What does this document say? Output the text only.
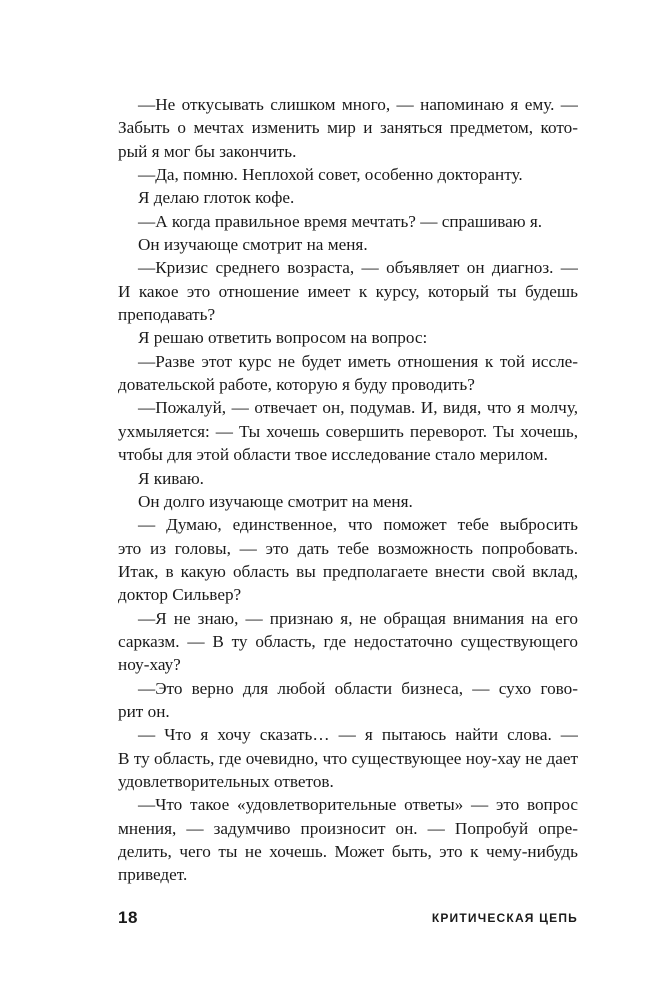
—Не откусывать слишком много, — напоминаю я ему. —
Забыть о мечтах изменить мир и заняться предметом, кото-
рый я мог бы закончить.
—Да, помню. Неплохой совет, особенно докторанту.
Я делаю глоток кофе.
—А когда правильное время мечтать? — спрашиваю я.
Он изучающе смотрит на меня.
—Кризис среднего возраста, — объявляет он диагноз. —
И какое это отношение имеет к курсу, который ты будешь
преподавать?
Я решаю ответить вопросом на вопрос:
—Разве этот курс не будет иметь отношения к той иссле-
довательской работе, которую я буду проводить?
—Пожалуй, — отвечает он, подумав. И, видя, что я молчу,
ухмыляется: — Ты хочешь совершить переворот. Ты хочешь,
чтобы для этой области твое исследование стало мерилом.
Я киваю.
Он долго изучающе смотрит на меня.
— Думаю, единственное, что поможет тебе выбросить
это из головы, — это дать тебе возможность попробовать.
Итак, в какую область вы предполагаете внести свой вклад,
доктор Сильвер?
—Я не знаю, — признаю я, не обращая внимания на его
сарказм. — В ту область, где недостаточно существующего
ноу-хау?
—Это верно для любой области бизнеса, — сухо гово-
рит он.
— Что я хочу сказать… — я пытаюсь найти слова. —
В ту область, где очевидно, что существующее ноу-хау не дает
удовлетворительных ответов.
—Что такое «удовлетворительные ответы» — это вопрос
мнения, — задумчиво произносит он. — Попробуй опре-
делить, чего ты не хочешь. Может быть, это к чему-нибудь
приведет.
18	КРИТИЧЕСКАЯ ЦЕПЬ
